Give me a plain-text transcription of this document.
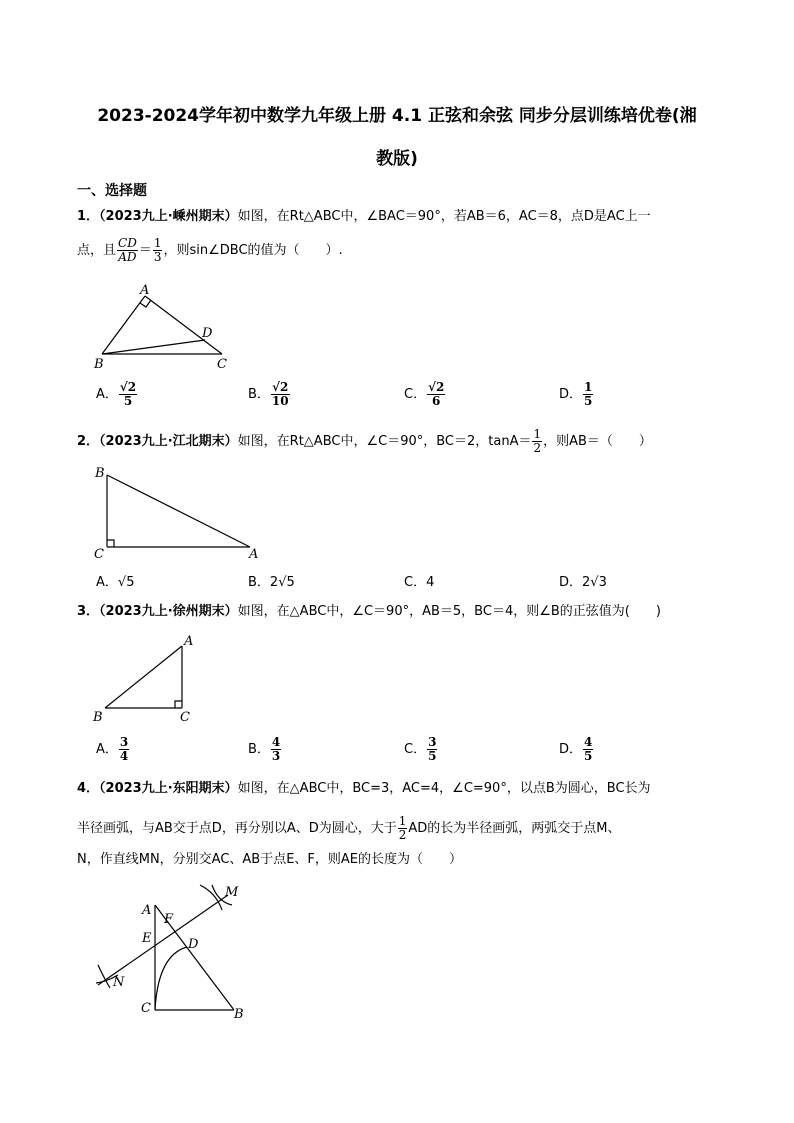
2023-2024学年初中数学九年级上册 4.1 正弦和余弦 同步分层训练培优卷(湘
教版)
一、选择题
1．（2023九上·嵊州期末）如图，在Rt△ABC中，∠BAC＝90°，若AB＝6，AC＝8，点D是AC上一
点，且 $\frac{CD}{AD} = \frac{1}{3}$ ，则sin∠DBC的值为（　　）.
A
B	C
D
A． $\frac{√2}{5}$	B． $\frac{√2}{10}$	C． $\frac{√2}{6}$	D． $\frac{1}{5}$
2．（2023九上·江北期末）如图，在Rt△ABC中，∠C＝90°，BC＝2，$\tan A= \frac{1}{2}$ ，则AB＝（　　）
B
C	A
A．√5	B．2√5	C．4	D．2√3
3．（2023九上·徐州期末）如图，在△ABC中，∠C＝90°，AB＝5，BC＝4，则∠B的正弦值为(　　)
A
B	C
A． $\frac{3}{4}$	B． $\frac{4}{3}$	C． $\frac{3}{5}$	D． $\frac{4}{5}$
4．（2023九上·东阳期末）如图，在△ABC中，BC=3，AC=4，∠C=90°，以点B为圆心，BC长为
半径画弧，与AB交于点D，再分别以A、D为圆心，大于 $\frac{1}{2}$ AD的长为半径画弧，两弧交于点M、
N，作直线MN，分别交AC、AB于点E、F，则AE的长度为（　　）
A
E
F
D
C	B
M
N
